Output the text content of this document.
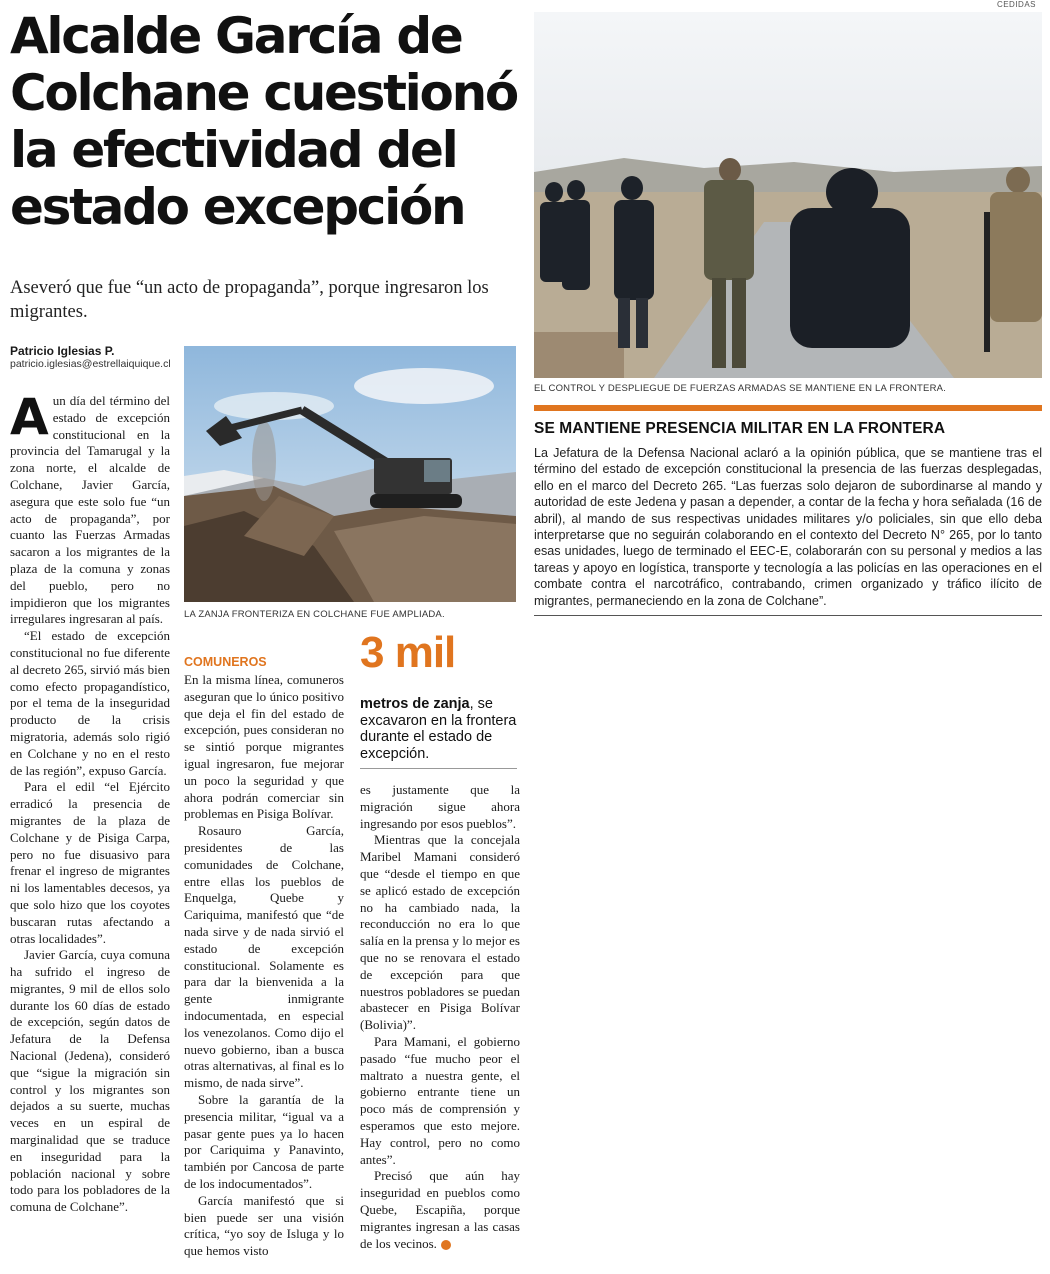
CEDIDAS
Alcalde García de Colchane cuestionó la efectividad del estado excepción

Aseveró que fue “un acto de propaganda”, porque ingresaron los migrantes.

Patricio Iglesias P.
patricio.iglesias@estrellaiquique.cl
A un día del término del estado de excepción constitucional en la provincia del Tamarugal y la zona norte, el alcalde de Colchane, Javier García, asegura que este solo fue “un acto de propaganda”, por cuanto las Fuerzas Armadas sacaron a los migrantes de la plaza de la comuna y zonas del pueblo, pero no impidieron que los migrantes irregulares ingresaran al país.

“El estado de excepción constitucional no fue diferente al decreto 265, sirvió más bien como efecto propagandístico, por el tema de la inseguridad producto de la crisis migratoria, además solo rigió en Colchane y no en el resto de las región”, expuso García.

Para el edil “el Ejército erradicó la presencia de migrantes de la plaza de Colchane y de Pisiga Carpa, pero no fue disuasivo para frenar el ingreso de migrantes ni los lamentables decesos, ya que solo hizo que los coyotes buscaran rutas afectando a otras localidades”.

Javier García, cuya comuna ha sufrido el ingreso de migrantes, 9 mil de ellos solo durante los 60 días de estado de excepción, según datos de Jefatura de la Defensa Nacional (Jedena), consideró que “sigue la migración sin control y los migrantes son dejados a su suerte, muchas veces en un espiral de marginalidad que se traduce en inseguridad para la población nacional y sobre todo para los pobladores de la comuna de Colchane”.

LA ZANJA FRONTERIZA EN COLCHANE FUE AMPLIADA.
COMUNEROS

En la misma línea, comuneros aseguran que lo único positivo que deja el fin del estado de excepción, pues consideran no se sintió porque migrantes igual ingresaron, fue mejorar un poco la seguridad y que ahora podrán comerciar sin problemas en Pisiga Bolívar.

Rosauro García, presidentes de las comunidades de Colchane, entre ellas los pueblos de Enquelga, Quebe y Cariquima, manifestó que “de nada sirve y de nada sirvió el estado de excepción constitucional. Solamente es para dar la bienvenida a la gente inmigrante indocumentada, en especial los venezolanos. Como dijo el nuevo gobierno, iban a busca otras alternativas, al final es lo mismo, de nada sirve”.

Sobre la garantía de la presencia militar, “igual va a pasar gente pues ya lo hacen por Cariquima y Panavinto, también por Cancosa de parte de los indocumentados”.

García manifestó que si bien puede ser una visión crítica, “yo soy de Isluga y lo que hemos visto

3 mil
metros de zanja, se excavaron en la frontera durante el estado de excepción.

es justamente que la migración sigue ahora ingresando por esos pueblos”.

Mientras que la concejala Maribel Mamani consideró que “desde el tiempo en que se aplicó estado de excepción no ha cambiado nada, la reconducción no era lo que salía en la prensa y lo mejor es que no se renovara el estado de excepción para que nuestros pobladores se puedan abastecer en Pisiga Bolívar (Bolivia)”.

Para Mamani, el gobierno pasado “fue mucho peor el maltrato a nuestra gente, el gobierno entrante tiene un poco más de comprensión y esperamos que esto mejore. Hay control, pero no como antes”.

Precisó que aún hay inseguridad en pueblos como Quebe, Escapiña, porque migrantes ingresan a las casas de los vecinos.

EL CONTROL Y DESPLIEGUE DE FUERZAS ARMADAS SE MANTIENE EN LA FRONTERA.
SE MANTIENE PRESENCIA MILITAR EN LA FRONTERA

La Jefatura de la Defensa Nacional aclaró a la opinión pública, que se mantiene tras el término del estado de excepción constitucional la presencia de las fuerzas desplegadas, ello en el marco del Decreto 265. “Las fuerzas solo dejaron de subordinarse al mando y autoridad de este Jedena y pasan a depender, a contar de la fecha y hora señalada (16 de abril), al mando de sus respectivas unidades militares y/o policiales, sin que ello deba interpretarse que no seguirán colaborando en el contexto del Decreto N° 265, por lo tanto esas unidades, luego de terminado el EEC-E, colaborarán con su personal y medios a las tareas y apoyo en logística, transporte y tecnología a las policías en las operaciones en el combate contra el narcotráfico, contrabando, crimen organizado y tráfico ilícito de migrantes, permaneciendo en la zona de Colchane”.
